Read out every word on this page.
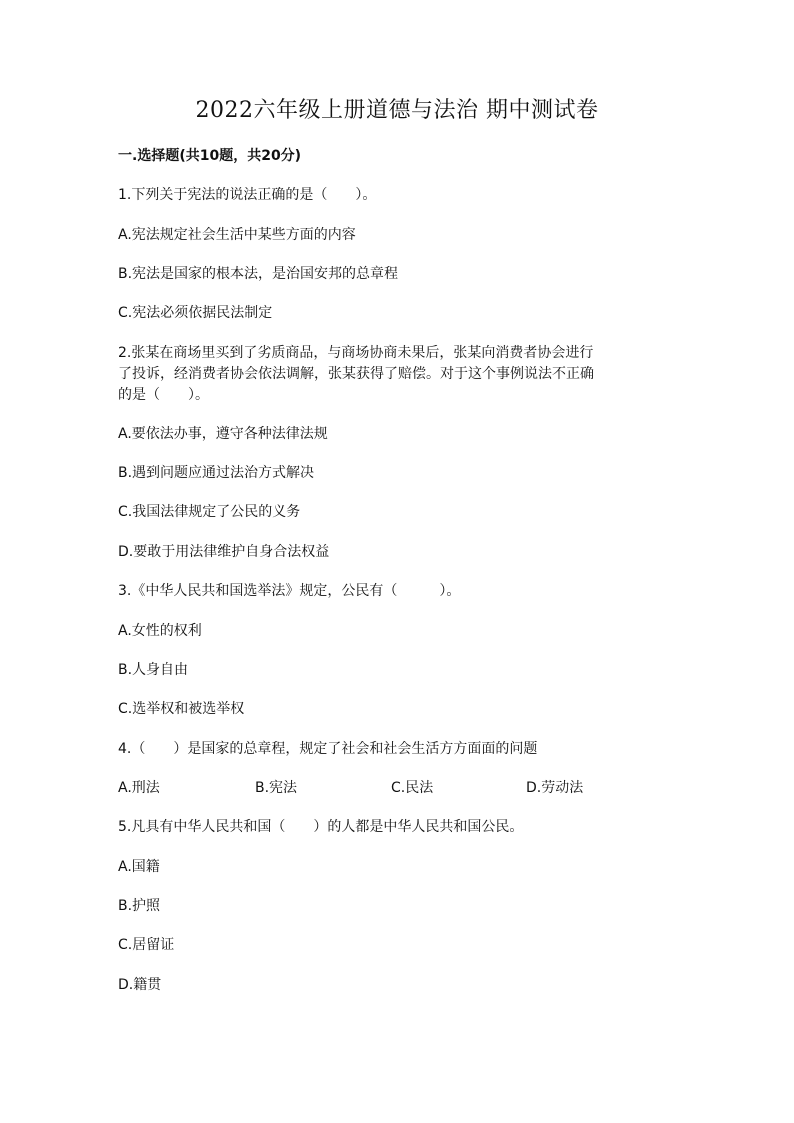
2022六年级上册道德与法治 期中测试卷

一.选择题(共10题，共20分)

1.下列关于宪法的说法正确的是（　　）。

A.宪法规定社会生活中某些方面的内容

B.宪法是国家的根本法，是治国安邦的总章程

C.宪法必须依据民法制定

2.张某在商场里买到了劣质商品，与商场协商未果后，张某向消费者协会进行

了投诉，经消费者协会依法调解，张某获得了赔偿。对于这个事例说法不正确

的是（　　）。

A.要依法办事，遵守各种法律法规

B.遇到问题应通过法治方式解决

C.我国法律规定了公民的义务

D.要敢于用法律维护自身合法权益

3.《中华人民共和国选举法》规定，公民有（　　　）。

A.女性的权利

B.人身自由

C.选举权和被选举权

4.（　　）是国家的总章程，规定了社会和社会生活方方面面的问题

A.刑法	B.宪法	C.民法	D.劳动法

5.凡具有中华人民共和国（　　）的人都是中华人民共和国公民。

A.国籍

B.护照

C.居留证

D.籍贯
